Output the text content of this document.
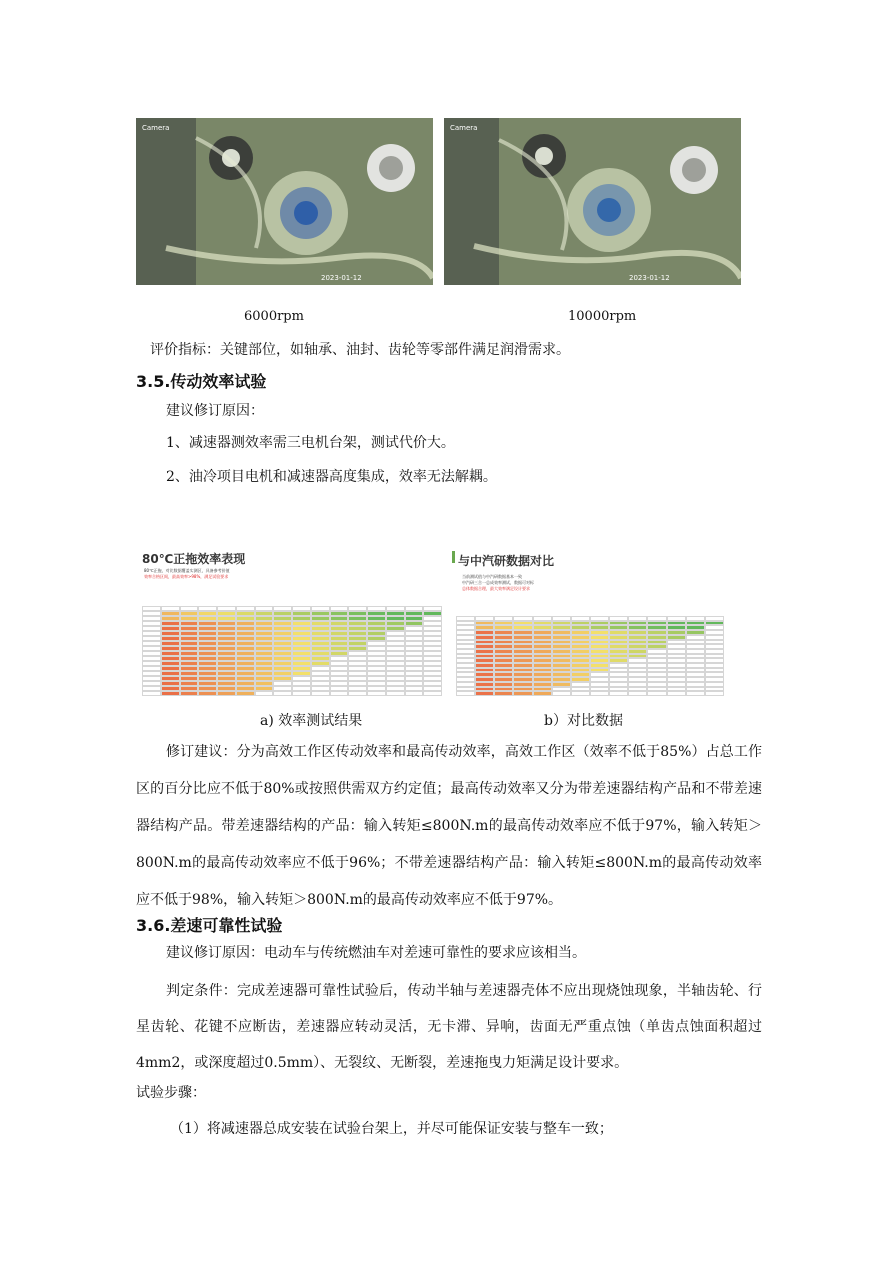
Camera
2023-01-12
Camera
2023-01-12
6000rpm	10000rpm
评价指标：关键部位，如轴承、油封、齿轮等零部件满足润滑需求。
3.5.传动效率试验
建议修订原因：
1、减速器测效率需三电机台架，测试代价大。
2、油冷项目电机和减速器高度集成，效率无法解耦。
80℃正拖效率表现
80℃正拖，对比数据覆盖实测区，具备参考价值
效率合格区间，最高效率>98%，满足试验要求
与中汽研数据对比
当前测试值与中汽研数据基本一致
中汽研三合一总成效率测试，数据可对标
总体数据合理，最大效率满足设计要求
a) 效率测试结果	b）对比数据
修订建议：分为高效工作区传动效率和最高传动效率，高效工作区（效率不低于85%）占总工作区的百分比应不低于80%或按照供需双方约定值；最高传动效率又分为带差速器结构产品和不带差速器结构产品。带差速器结构的产品：输入转矩≤800N.m的最高传动效率应不低于97%，输入转矩＞800N.m的最高传动效率应不低于96%；不带差速器结构产品：输入转矩≤800N.m的最高传动效率应不低于98%，输入转矩＞800N.m的最高传动效率应不低于97%。
3.6.差速可靠性试验
建议修订原因：电动车与传统燃油车对差速可靠性的要求应该相当。
判定条件：完成差速器可靠性试验后，传动半轴与差速器壳体不应出现烧蚀现象，半轴齿轮、行星齿轮、花键不应断齿，差速器应转动灵活，无卡滞、异响，齿面无严重点蚀（单齿点蚀面积超过4mm2，或深度超过0.5mm）、无裂纹、无断裂，差速拖曳力矩满足设计要求。
试验步骤：
（1）将减速器总成安装在试验台架上，并尽可能保证安装与整车一致；
